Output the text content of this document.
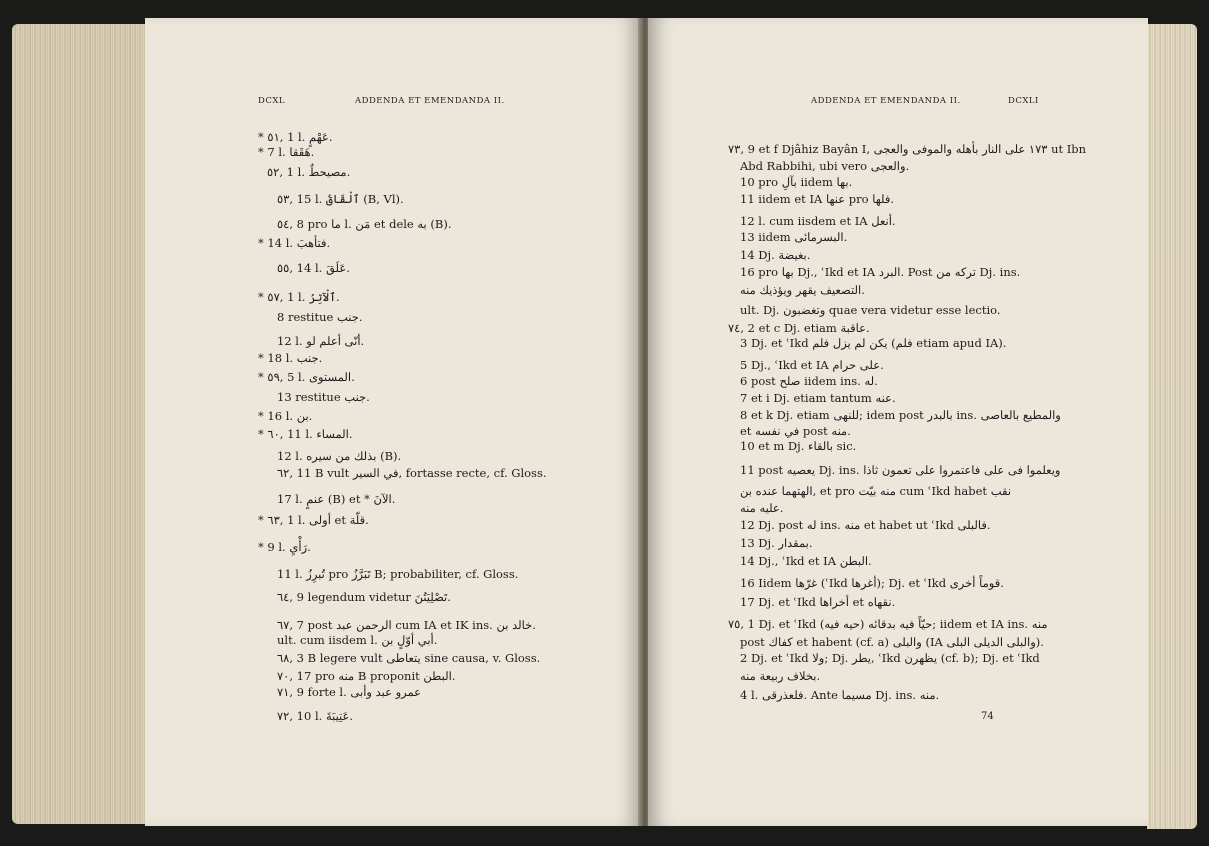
DCXL	ADDENDA ET EMENDANDA II.
* ٥١, 1 l. عَهْمٍ.
* 7 l. هَقَقا.
٥٢, 1 l. مصيحطٌ.
٥٣, 15 l. ٱلْقَاقُ (B, Vl).
٥٤, 8 pro ما l. مَن et dele به (B).
* 14 l. فتأهبَ.
٥٥, 14 l. عَلَقَ.
* ٥٧, 1 l. ٱلْآتِرُ.
8 restitue جنب.
12 l. أنّى أعلم لو.
* 18 l. جنب.
* ٥٩, 5 l. المستوى.
13 restitue جنب.
* 16 l. بن.
* ٦٠, 11 l. المساء.
12 l. بذلك من سيره (B).
٦٢, 11 B vult في السير, fortasse recte, cf. Gloss.
17 l. عنمٍ (B) et * الآنَ.
* ٦٣, 1 l. أولى et قلّة.
* 9 l. رَأْيِ.
11 l. تُبرِزُ pro تَبَرَّزُ B; probabiliter, cf. Gloss.
٦٤, 9 legendum videtur تَصْلِيَتُنَ.
٦٧, 7 post الرحمن عبد cum IA et IK ins. خالد بن.
ult. cum iisdem l. أبي أوّلٍ بن.
٦٨, 3 B legere vult يتعاطى sine causa, v. Gloss.
٧٠, 17 pro منه B proponit البطن.
٧١, 9 forte l. عمرو عبد وأبى
٧٢, 10 l. عَتِيبَةَ.
ADDENDA ET EMENDANDA II.	DCXLI
٧٣, 9 et f Djâhiz Bayân I, ١٧٣ على النار بأهله والموفى والعجى ut Ibn
Abd Rabbihi, ubi vero والعجى.
10 pro بآلِ iidem بها.
11 iidem et IA عنها pro فلها.
12 l. cum iisdem et IA أنعل.
13 iidem البسرمائى.
14 Dj. بغيضة.
16 pro بها Dj., ʿIkd et IA البرد. Post تركه من Dj. ins.
التصعيف يقهر ويؤذيك منه.
ult. Dj. وتغضبون quae vera videtur esse lectio.
٧٤, 2 et c Dj. etiam عاقبة.
3 Dj. et ʿIkd يكن لم يزل فلم (فلم etiam apud IA).
5 Dj., ʿIkd et IA على حرام.
6 post صلح iidem ins. له.
7 et i Dj. etiam tantum عنه.
8 et k Dj. etiam للنهى; idem post بالبدر ins. والمطيع بالعاصى
et في نفسه post منه.
10 et m Dj. بالقاء sic.
11 post يعصيه Dj. ins. ويعلموا فى على فاعتمروا على تعمون ثاذا
الهتهما عنده بن, et pro منه بيّت cum ʿIkd habet نقب
عليه منه.
12 Dj. post له ins. منه et habet ut ʿIkd فالبلى.
13 Dj. بمقدار.
14 Dj., ʿIkd et IA البطن.
16 Iidem غرّها (ʿIkd أغرها); Dj. et ʿIkd قوماً أخرى.
17 Dj. et ʿIkd أخراها et نقهاه.
٧٥, 1 Dj. et ʿIkd (حيه فيه) حيّاً فيه بدقائه; iidem et IA ins. منه
post كفاك et habent (cf. a) والبلى (IA والبلى الديلى البلى).
2 Dj. et ʿIkd ولا; Dj. يطر, ʿIkd يظهرن (cf. b); Dj. et ʿIkd
بخلاف ربيعة منه.
4 l. فلعذرقى. Ante مسيما Dj. ins. منه.
74
